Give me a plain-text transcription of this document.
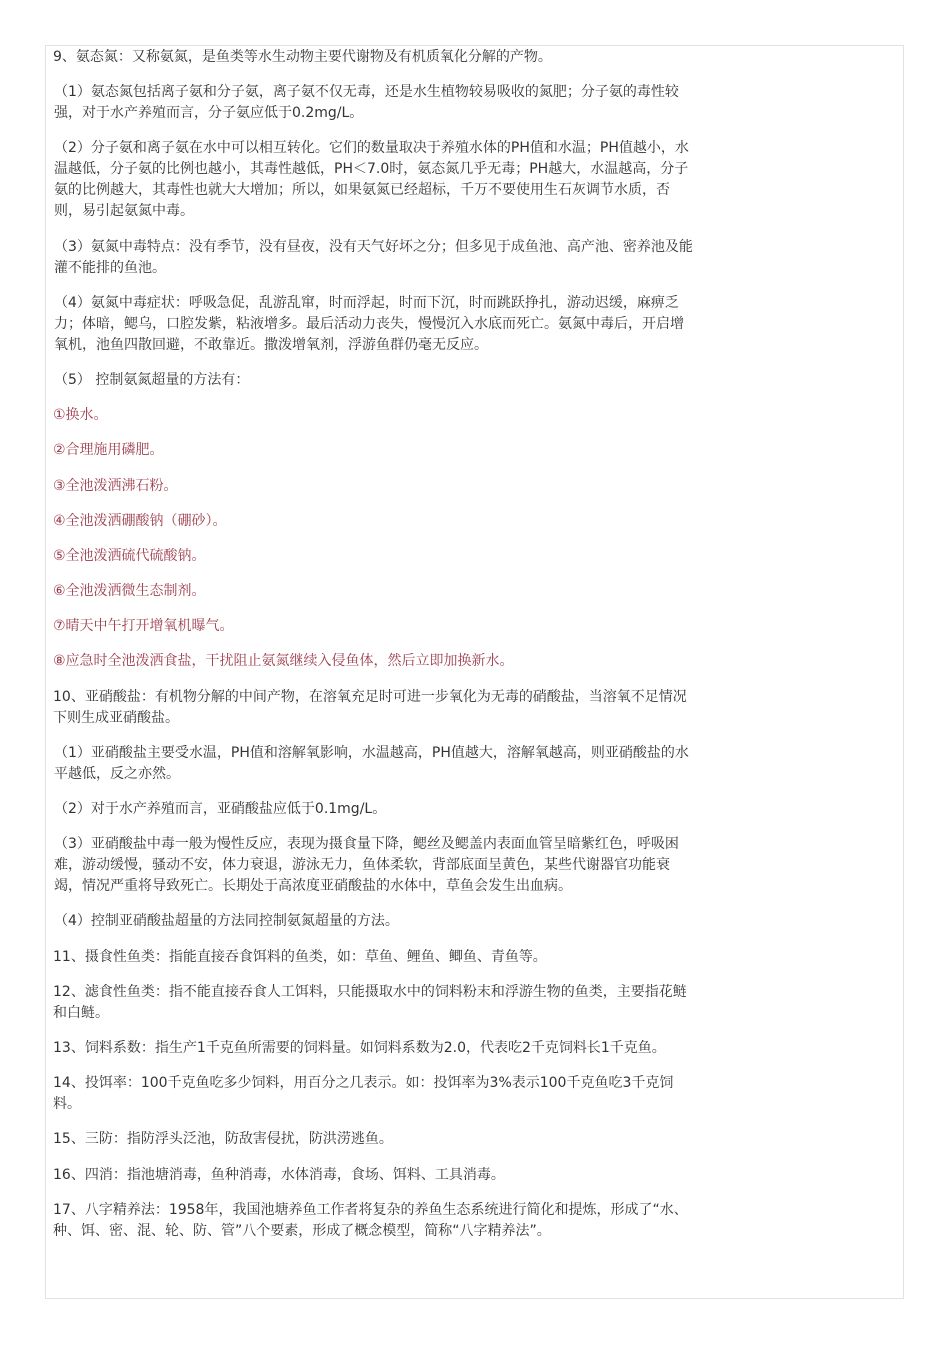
9、氨态氮：又称氨氮，是鱼类等水生动物主要代谢物及有机质氧化分解的产物。

（1）氨态氮包括离子氨和分子氨，离子氨不仅无毒，还是水生植物较易吸收的氮肥；分子氨的毒性较强，对于水产养殖而言，分子氨应低于0.2mg/L。

（2）分子氨和离子氨在水中可以相互转化。它们的数量取决于养殖水体的PH值和水温；PH值越小，水温越低，分子氨的比例也越小，其毒性越低，PH＜7.0时，氨态氮几乎无毒；PH越大，水温越高，分子氨的比例越大，其毒性也就大大增加；所以，如果氨氮已经超标，千万不要使用生石灰调节水质，否则，易引起氨氮中毒。

（3）氨氮中毒特点：没有季节，没有昼夜，没有天气好坏之分；但多见于成鱼池、高产池、密养池及能灌不能排的鱼池。

（4）氨氮中毒症状：呼吸急促，乱游乱窜，时而浮起，时而下沉，时而跳跃挣扎，游动迟缓，麻痹乏力；体暗，鳃乌，口腔发紫，粘液增多。最后活动力丧失，慢慢沉入水底而死亡。氨氮中毒后，开启增氧机，池鱼四散回避，不敢靠近。撒泼增氧剂，浮游鱼群仍毫无反应。

（5） 控制氨氮超量的方法有：

①换水。

②合理施用磷肥。

③全池泼洒沸石粉。

④全池泼洒硼酸钠（硼砂）。

⑤全池泼洒硫代硫酸钠。

⑥全池泼洒微生态制剂。

⑦晴天中午打开增氧机曝气。

⑧应急时全池泼洒食盐，干扰阻止氨氮继续入侵鱼体，然后立即加换新水。

10、亚硝酸盐：有机物分解的中间产物，在溶氧充足时可进一步氧化为无毒的硝酸盐，当溶氧不足情况下则生成亚硝酸盐。

（1）亚硝酸盐主要受水温，PH值和溶解氧影响，水温越高，PH值越大，溶解氧越高，则亚硝酸盐的水平越低，反之亦然。

（2）对于水产养殖而言，亚硝酸盐应低于0.1mg/L。

（3）亚硝酸盐中毒一般为慢性反应，表现为摄食量下降，鳃丝及鳃盖内表面血管呈暗紫红色，呼吸困难，游动缓慢，骚动不安，体力衰退，游泳无力，鱼体柔软，背部底面呈黄色，某些代谢器官功能衰竭，情况严重将导致死亡。长期处于高浓度亚硝酸盐的水体中，草鱼会发生出血病。

（4）控制亚硝酸盐超量的方法同控制氨氮超量的方法。

11、摄食性鱼类：指能直接吞食饵料的鱼类，如：草鱼、鲤鱼、鲫鱼、青鱼等。

12、滤食性鱼类：指不能直接吞食人工饵料，只能摄取水中的饲料粉末和浮游生物的鱼类，主要指花鲢和白鲢。

13、饲料系数：指生产1千克鱼所需要的饲料量。如饲料系数为2.0，代表吃2千克饲料长1千克鱼。

14、投饵率：100千克鱼吃多少饲料，用百分之几表示。如：投饵率为3%表示100千克鱼吃3千克饲料。

15、三防：指防浮头泛池，防敌害侵扰，防洪涝逃鱼。

16、四消：指池塘消毒，鱼种消毒，水体消毒，食场、饵料、工具消毒。

17、八字精养法：1958年，我国池塘养鱼工作者将复杂的养鱼生态系统进行简化和提炼，形成了“水、种、饵、密、混、轮、防、管”八个要素，形成了概念模型，简称“八字精养法”。
